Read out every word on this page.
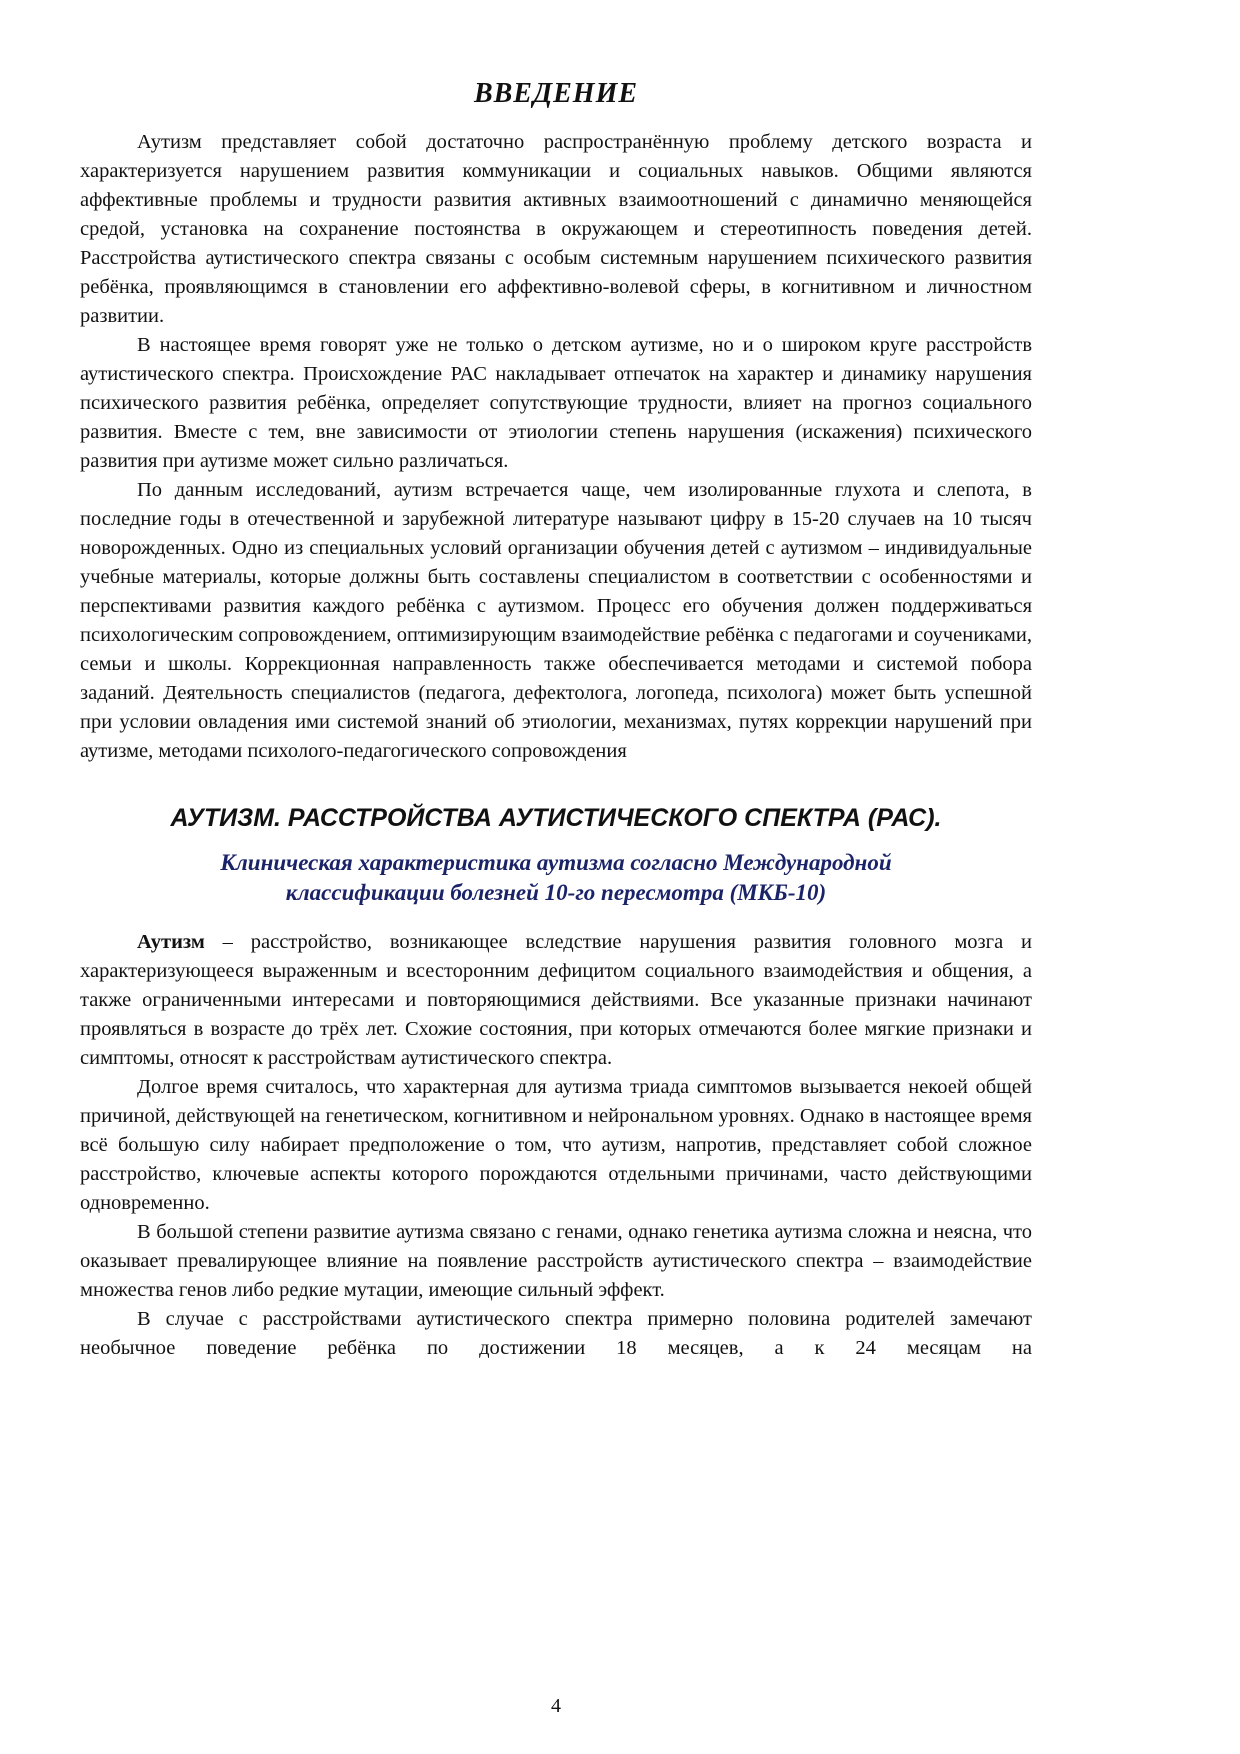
ВВЕДЕНИЕ

Аутизм представляет собой достаточно распространённую проблему детского возраста и характеризуется нарушением развития коммуникации и социальных навыков. Общими являются аффективные проблемы и трудности развития активных взаимоотношений с динамично меняющейся средой, установка на сохранение постоянства в окружающем и стереотипность поведения детей. Расстройства аутистического спектра связаны с особым системным нарушением психического развития ребёнка, проявляющимся в становлении его аффективно-волевой сферы, в когнитивном и личностном развитии.

В настоящее время говорят уже не только о детском аутизме, но и о широком круге расстройств аутистического спектра. Происхождение РАС накладывает отпечаток на характер и динамику нарушения психического развития ребёнка, определяет сопутствующие трудности, влияет на прогноз социального развития. Вместе с тем, вне зависимости от этиологии степень нарушения (искажения) психического развития при аутизме может сильно различаться.

По данным исследований, аутизм встречается чаще, чем изолированные глухота и слепота, в последние годы в отечественной и зарубежной литературе называют цифру в 15-20 случаев на 10 тысяч новорожденных. Одно из специальных условий организации обучения детей с аутизмом – индивидуальные учебные материалы, которые должны быть составлены специалистом в соответствии с особенностями и перспективами развития каждого ребёнка с аутизмом. Процесс его обучения должен поддерживаться психологическим сопровождением, оптимизирующим взаимодействие ребёнка с педагогами и соучениками, семьи и школы. Коррекционная направленность также обеспечивается методами и системой побора заданий. Деятельность специалистов (педагога, дефектолога, логопеда, психолога) может быть успешной при условии овладения ими системой знаний об этиологии, механизмах, путях коррекции нарушений при аутизме, методами психолого-педагогического сопровождения

АУТИЗМ. РАССТРОЙСТВА АУТИСТИЧЕСКОГО СПЕКТРА (РАС).
Клиническая характеристика аутизма согласно Международной
классификации болезней 10-го пересмотра (МКБ-10)

Аутизм – расстройство, возникающее вследствие нарушения развития головного мозга и характеризующееся выраженным и всесторонним дефицитом социального взаимодействия и общения, а также ограниченными интересами и повторяющимися действиями. Все указанные признаки начинают проявляться в возрасте до трёх лет. Схожие состояния, при которых отмечаются более мягкие признаки и симптомы, относят к расстройствам аутистического спектра.

Долгое время считалось, что характерная для аутизма триада симптомов вызывается некоей общей причиной, действующей на генетическом, когнитивном и нейрональном уровнях. Однако в настоящее время всё большую силу набирает предположение о том, что аутизм, напротив, представляет собой сложное расстройство, ключевые аспекты которого порождаются отдельными причинами, часто действующими одновременно.

В большой степени развитие аутизма связано с генами, однако генетика аутизма сложна и неясна, что оказывает превалирующее влияние на появление расстройств аутистического спектра – взаимодействие множества генов либо редкие мутации, имеющие сильный эффект.

В случае с расстройствами аутистического спектра примерно половина родителей замечают необычное поведение ребёнка по достижении 18 месяцев, а к 24 месяцам на

4
